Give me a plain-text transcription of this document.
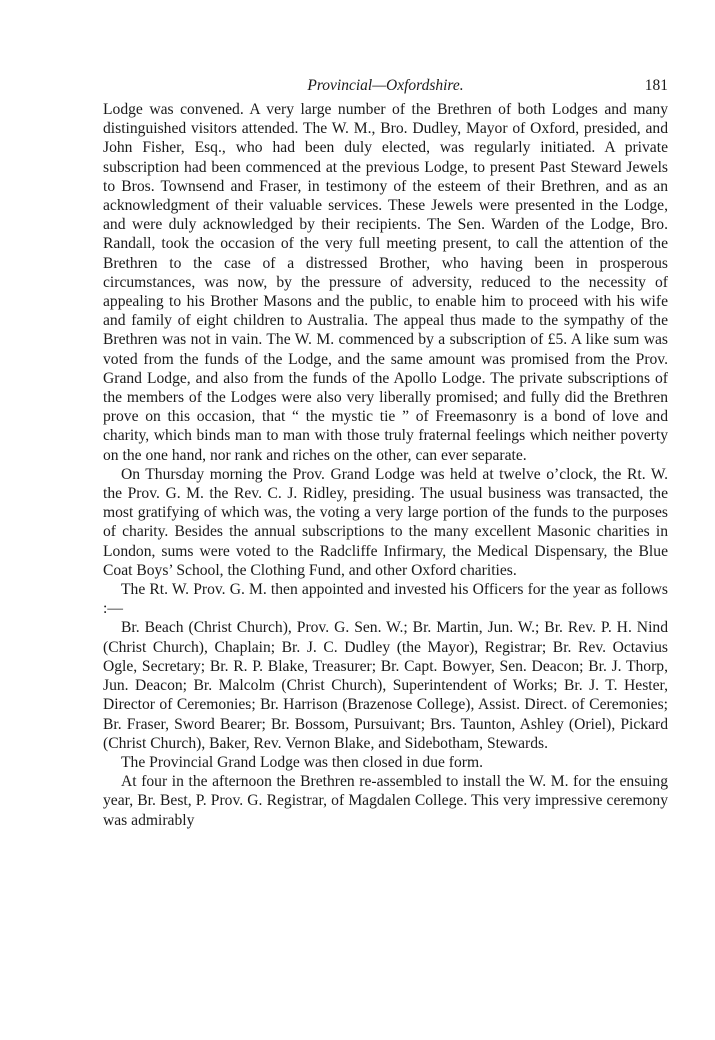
Provincial—Oxfordshire.	181

Lodge was convened. A very large number of the Brethren of both Lodges and many distinguished visitors attended. The W. M., Bro. Dudley, Mayor of Oxford, presided, and John Fisher, Esq., who had been duly elected, was regularly initiated. A private subscription had been commenced at the previous Lodge, to present Past Steward Jewels to Bros. Townsend and Fraser, in testimony of the esteem of their Brethren, and as an acknowledgment of their valuable services. These Jewels were presented in the Lodge, and were duly acknowledged by their recipients. The Sen. Warden of the Lodge, Bro. Randall, took the occasion of the very full meeting present, to call the attention of the Brethren to the case of a distressed Brother, who having been in prosperous circumstances, was now, by the pressure of adversity, reduced to the necessity of appealing to his Brother Masons and the public, to enable him to proceed with his wife and family of eight children to Australia. The appeal thus made to the sympathy of the Brethren was not in vain. The W. M. commenced by a subscription of £5. A like sum was voted from the funds of the Lodge, and the same amount was promised from the Prov. Grand Lodge, and also from the funds of the Apollo Lodge. The private subscriptions of the members of the Lodges were also very liberally promised; and fully did the Brethren prove on this occasion, that “ the mystic tie ” of Freemasonry is a bond of love and charity, which binds man to man with those truly fraternal feelings which neither poverty on the one hand, nor rank and riches on the other, can ever separate.

On Thursday morning the Prov. Grand Lodge was held at twelve o’clock, the Rt. W. the Prov. G. M. the Rev. C. J. Ridley, presiding. The usual business was transacted, the most gratifying of which was, the voting a very large portion of the funds to the purposes of charity. Besides the annual subscriptions to the many excellent Masonic charities in London, sums were voted to the Radcliffe Infirmary, the Medical Dispensary, the Blue Coat Boys’ School, the Clothing Fund, and other Oxford charities.

The Rt. W. Prov. G. M. then appointed and invested his Officers for the year as follows :—

Br. Beach (Christ Church), Prov. G. Sen. W.; Br. Martin, Jun. W.; Br. Rev. P. H. Nind (Christ Church), Chaplain; Br. J. C. Dudley (the Mayor), Registrar; Br. Rev. Octavius Ogle, Secretary; Br. R. P. Blake, Treasurer; Br. Capt. Bowyer, Sen. Deacon; Br. J. Thorp, Jun. Deacon; Br. Malcolm (Christ Church), Superintendent of Works; Br. J. T. Hester, Director of Ceremonies; Br. Harrison (Brazenose College), Assist. Direct. of Ceremonies; Br. Fraser, Sword Bearer; Br. Bossom, Pursuivant; Brs. Taunton, Ashley (Oriel), Pickard (Christ Church), Baker, Rev. Vernon Blake, and Sidebotham, Stewards.

The Provincial Grand Lodge was then closed in due form.

At four in the afternoon the Brethren re-assembled to install the W. M. for the ensuing year, Br. Best, P. Prov. G. Registrar, of Magdalen College. This very impressive ceremony was admirably
